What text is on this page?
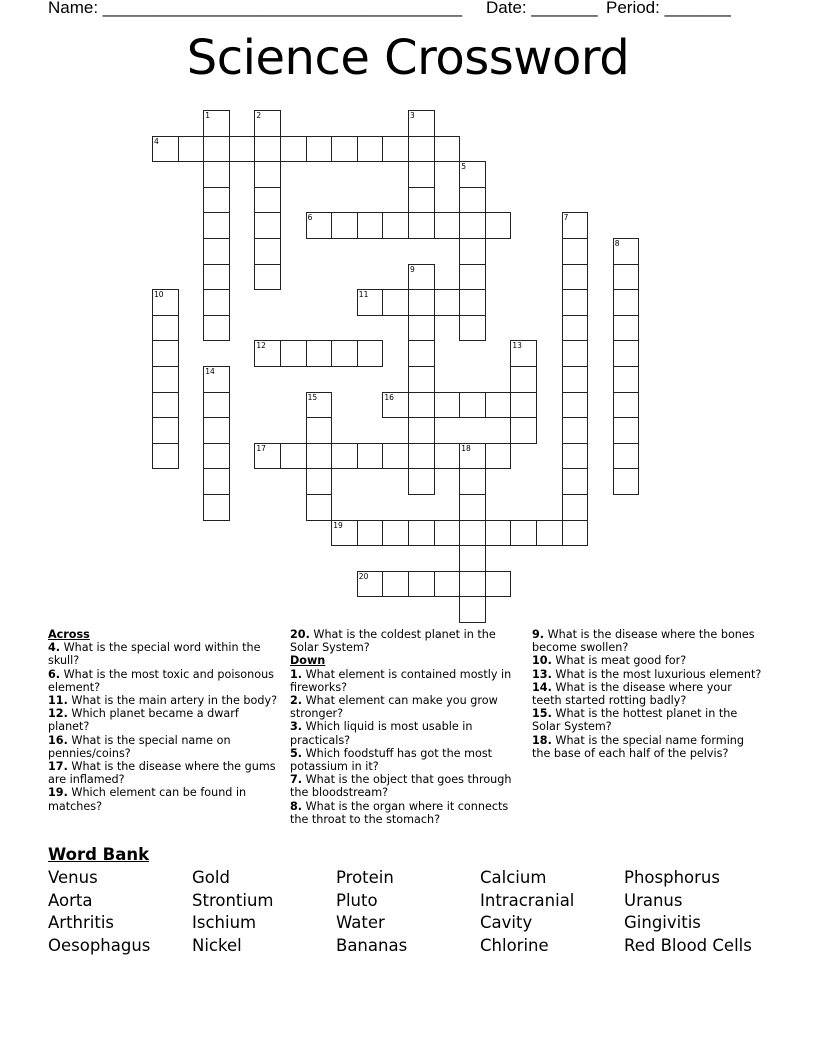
Name: ______________________________________ Date: _______ Period: _______
Science Crossword
1	2	3
4
5
6	7
8
9
10	11
12	13
14
15	16
17	18
19
20
Across
4. What is the special word within the skull?
6. What is the most toxic and poisonous element?
11. What is the main artery in the body?
12. Which planet became a dwarf planet?
16. What is the special name on pennies/coins?
17. What is the disease where the gums are inflamed?
19. Which element can be found in matches?
20. What is the coldest planet in the Solar System?
Down
1. What element is contained mostly in fireworks?
2. What element can make you grow stronger?
3. Which liquid is most usable in practicals?
5. Which foodstuff has got the most potassium in it?
7. What is the object that goes through the bloodstream?
8. What is the organ where it connects the throat to the stomach?
9. What is the disease where the bones become swollen?
10. What is meat good for?
13. What is the most luxurious element?
14. What is the disease where your teeth started rotting badly?
15. What is the hottest planet in the Solar System?
18. What is the special name forming the base of each half of the pelvis?
Word Bank
Venus	Gold	Protein	Calcium	Phosphorus
Aorta	Strontium	Pluto	Intracranial	Uranus
Arthritis	Ischium	Water	Cavity	Gingivitis
Oesophagus	Nickel	Bananas	Chlorine	Red Blood Cells
